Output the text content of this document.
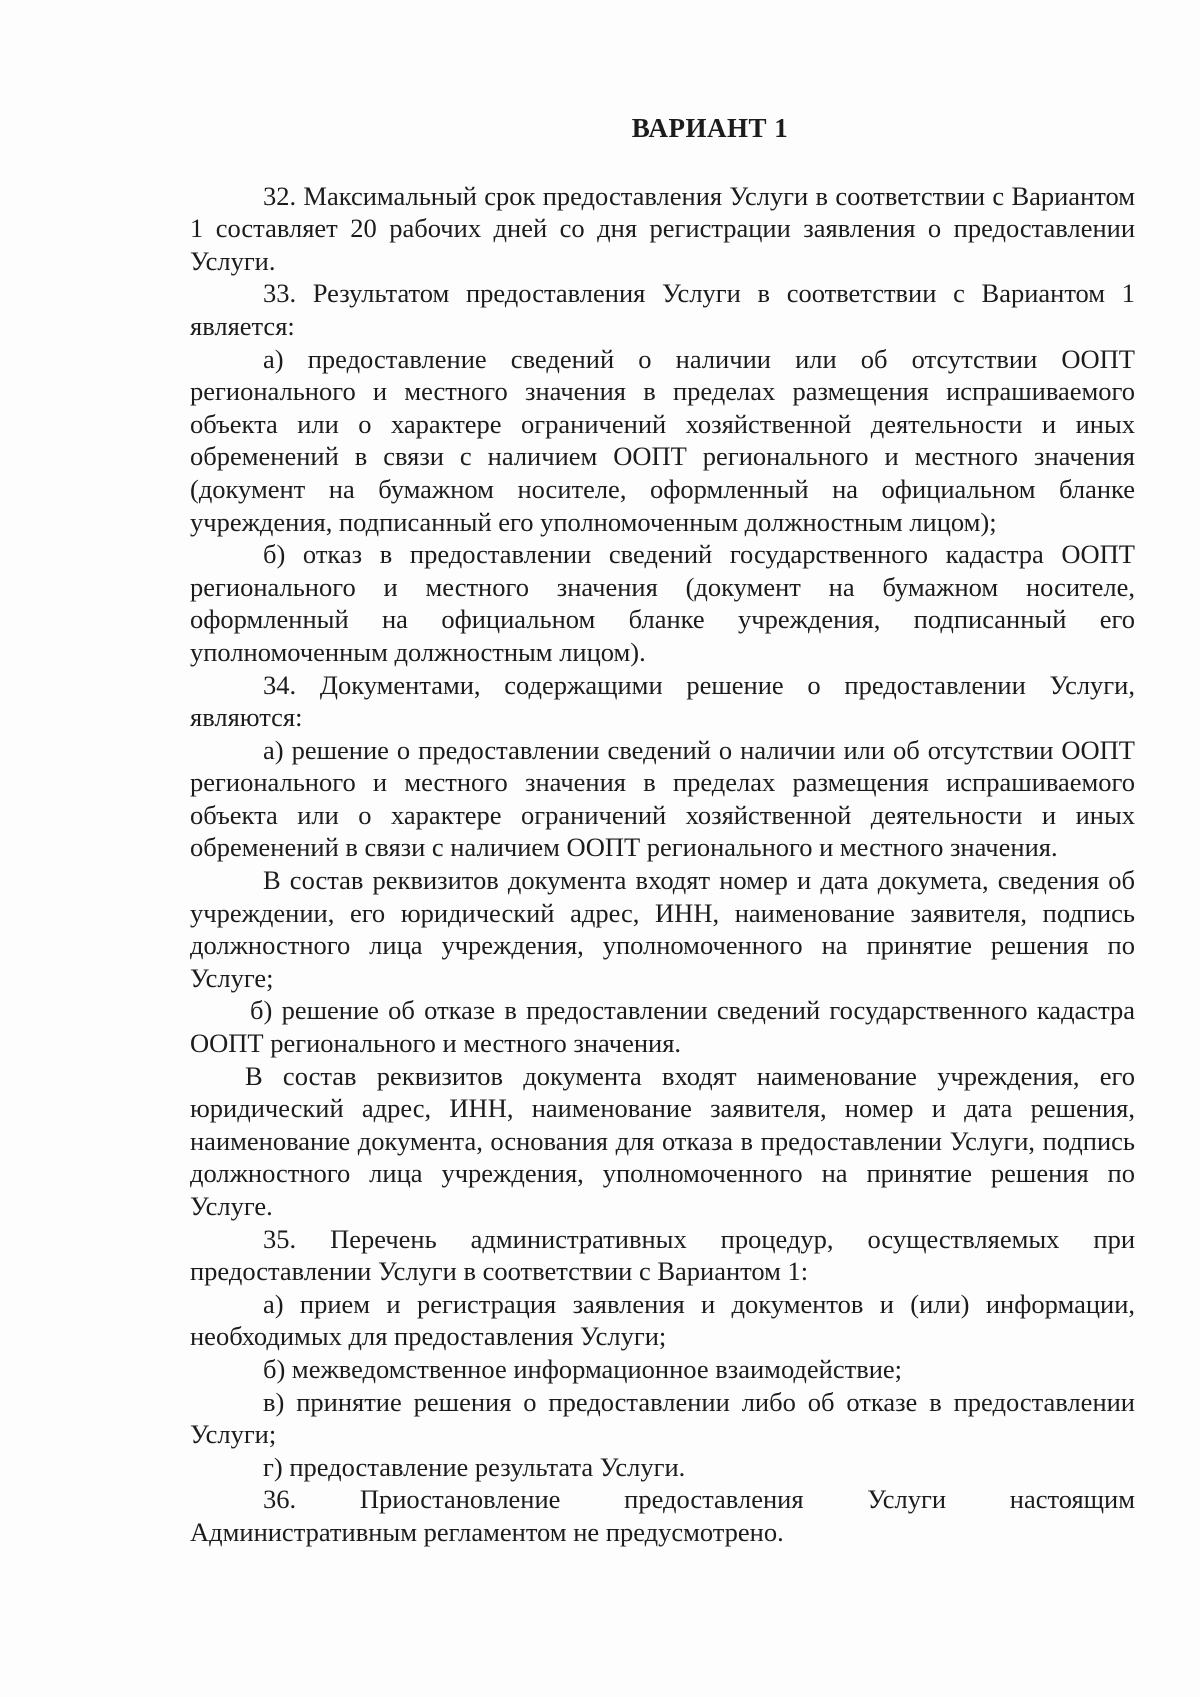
ВАРИАНТ 1

32. Максимальный срок предоставления Услуги в соответствии с Вариантом 1 составляет 20 рабочих дней со дня регистрации заявления о предоставлении Услуги.

33. Результатом предоставления Услуги в соответствии с Вариантом 1 является:

а) предоставление сведений о наличии или об отсутствии ООПТ регионального и местного значения в пределах размещения испрашиваемого объекта или о характере ограничений хозяйственной деятельности и иных обременений в связи с наличием ООПТ регионального и местного значения (документ на бумажном носителе, оформленный на официальном бланке учреждения, подписанный его уполномоченным должностным лицом);

б) отказ в предоставлении сведений государственного кадастра ООПТ регионального и местного значения (документ на бумажном носителе, оформленный на официальном бланке учреждения, подписанный его уполномоченным должностным лицом).

34. Документами, содержащими решение о предоставлении Услуги, являются:

а) решение о предоставлении сведений о наличии или об отсутствии ООПТ регионального и местного значения в пределах размещения испрашиваемого объекта или о характере ограничений хозяйственной деятельности и иных обременений в связи с наличием ООПТ регионального и местного значения.

В состав реквизитов документа входят номер и дата докумета, сведения об учреждении, его юридический адрес, ИНН, наименование заявителя, подпись должностного лица учреждения, уполномоченного на принятие решения по Услуге;

б) решение об отказе в предоставлении сведений государственного кадастра ООПТ регионального и местного значения.

В состав реквизитов документа входят наименование учреждения, его юридический адрес, ИНН, наименование заявителя, номер и дата решения, наименование документа, основания для отказа в предоставлении Услуги, подпись должностного лица учреждения, уполномоченного на принятие решения по Услуге.

35. Перечень административных процедур, осуществляемых при предоставлении Услуги в соответствии с Вариантом 1:

а) прием и регистрация заявления и документов и (или) информации, необходимых для предоставления Услуги;

б) межведомственное информационное взаимодействие;

в) принятие решения о предоставлении либо об отказе в предоставлении Услуги;

г) предоставление результата Услуги.

36. Приостановление предоставления Услуги настоящим Административным регламентом не предусмотрено.
